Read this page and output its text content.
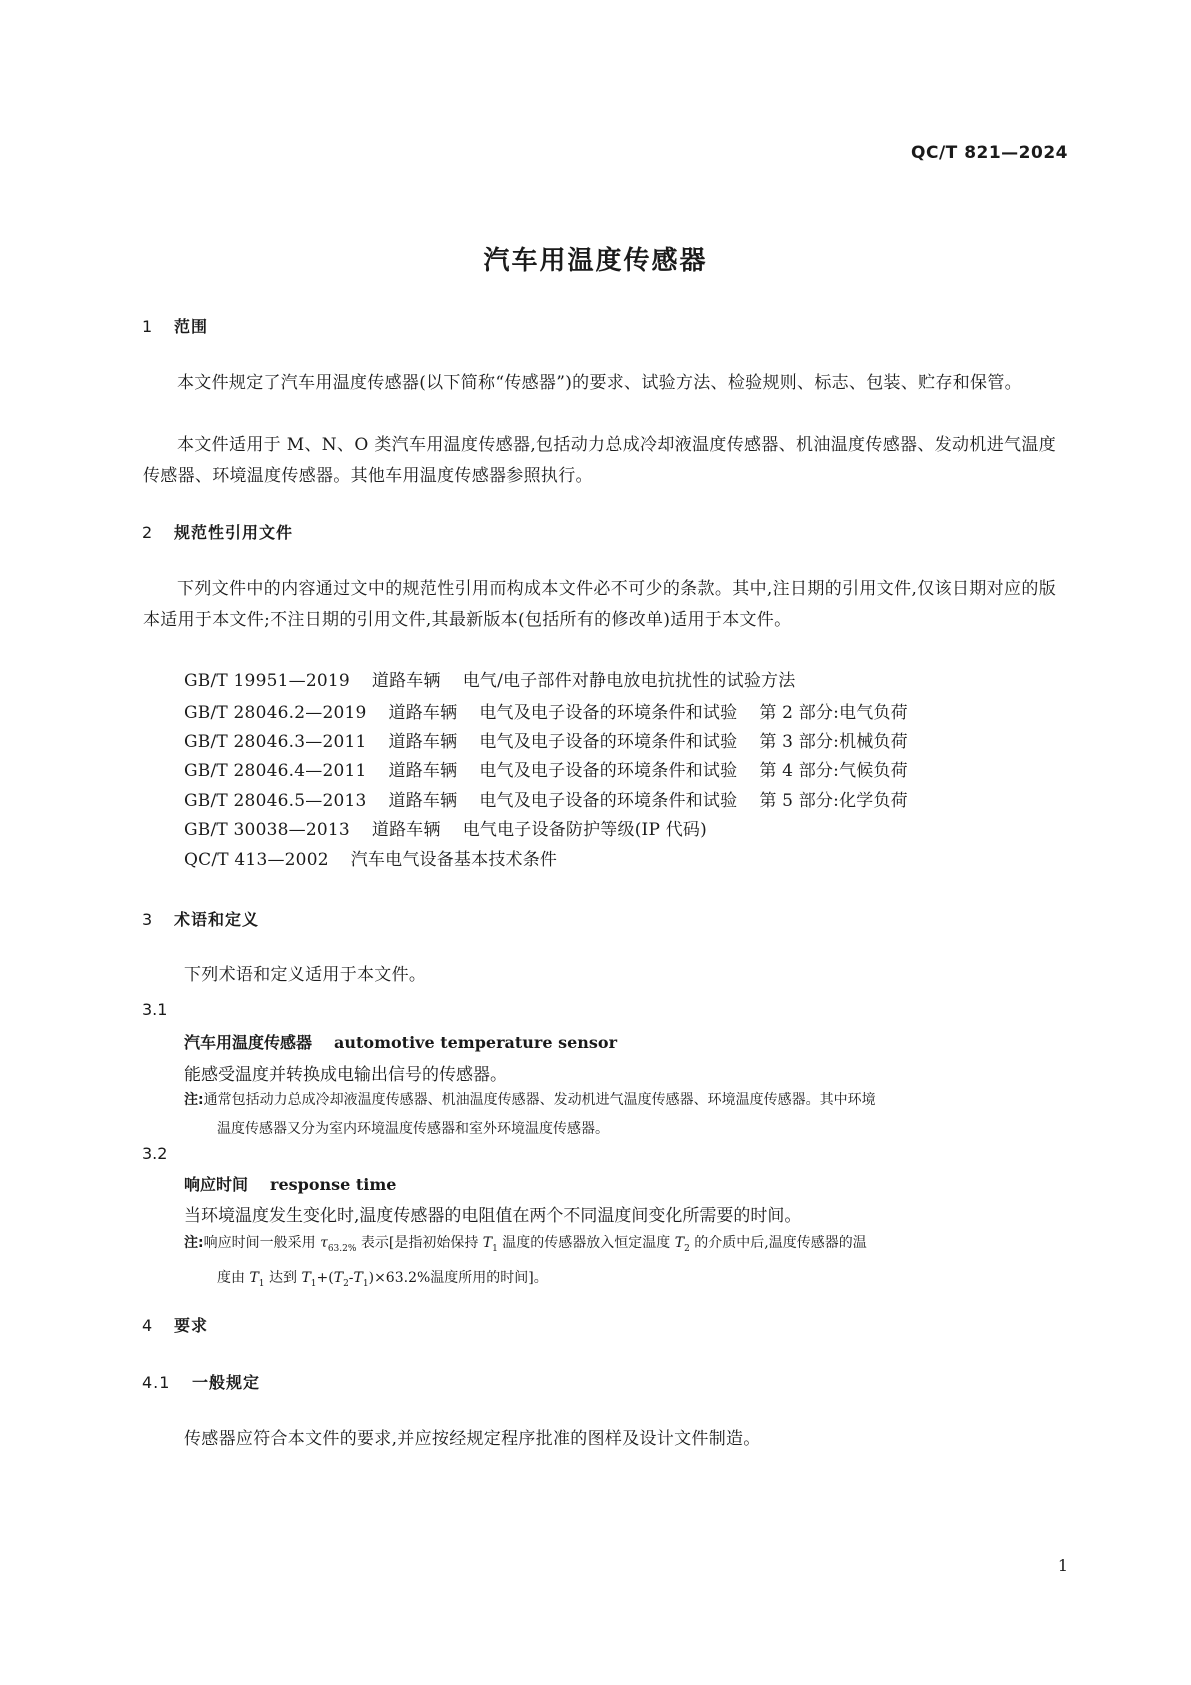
QC/T 821—2024
汽车用温度传感器
1 范围
本文件规定了汽车用温度传感器(以下简称“传感器”)的要求、试验方法、检验规则、标志、包装、贮存和保管。
本文件适用于 M、N、O 类汽车用温度传感器,包括动力总成冷却液温度传感器、机油温度传感器、发动机进气温度传感器、环境温度传感器。其他车用温度传感器参照执行。
2 规范性引用文件
下列文件中的内容通过文中的规范性引用而构成本文件必不可少的条款。其中,注日期的引用文件,仅该日期对应的版本适用于本文件;不注日期的引用文件,其最新版本(包括所有的修改单)适用于本文件。
GB/T 19951—2019 道路车辆 电气/电子部件对静电放电抗扰性的试验方法
GB/T 28046.2—2019 道路车辆 电气及电子设备的环境条件和试验 第 2 部分:电气负荷
GB/T 28046.3—2011 道路车辆 电气及电子设备的环境条件和试验 第 3 部分:机械负荷
GB/T 28046.4—2011 道路车辆 电气及电子设备的环境条件和试验 第 4 部分:气候负荷
GB/T 28046.5—2013 道路车辆 电气及电子设备的环境条件和试验 第 5 部分:化学负荷
GB/T 30038—2013 道路车辆 电气电子设备防护等级(IP 代码)
QC/T 413—2002 汽车电气设备基本技术条件
3 术语和定义
下列术语和定义适用于本文件。
3.1
汽车用温度传感器 automotive temperature sensor
能感受温度并转换成电输出信号的传感器。
注:通常包括动力总成冷却液温度传感器、机油温度传感器、发动机进气温度传感器、环境温度传感器。其中环境
温度传感器又分为室内环境温度传感器和室外环境温度传感器。
3.2
响应时间 response time
当环境温度发生变化时,温度传感器的电阻值在两个不同温度间变化所需要的时间。
注:响应时间一般采用 $\tau_{63.2\%}$ 表示[是指初始保持 $T_1$ 温度的传感器放入恒定温度 $T_2$ 的介质中后,温度传感器的温
度由 $T_1$ 达到 $T_1+(T_2-T_1)\times 63.2\%$温度所用的时间]。
4 要求
4.1 一般规定
传感器应符合本文件的要求,并应按经规定程序批准的图样及设计文件制造。
1
